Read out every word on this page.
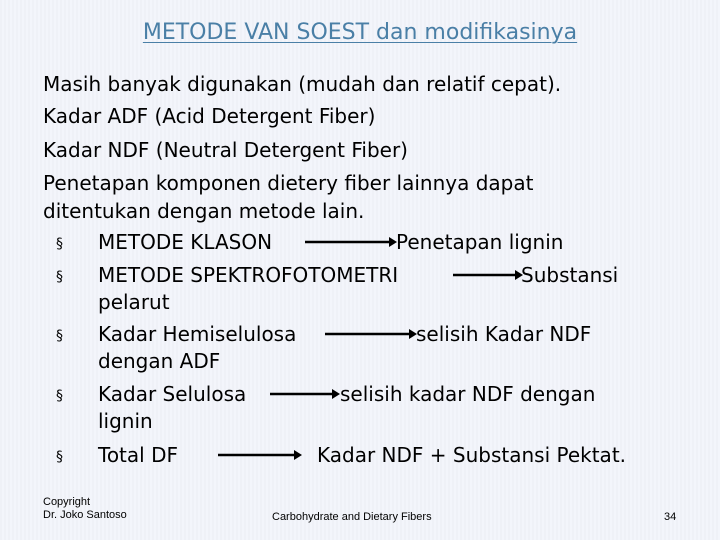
METODE VAN SOEST dan modifikasinya
Masih banyak digunakan (mudah dan relatif cepat).
Kadar ADF (Acid Detergent Fiber)
Kadar NDF (Neutral Detergent Fiber)
Penetapan komponen dietery fiber lainnya dapat
ditentukan dengan metode lain.
§ METODE KLASON	Penetapan lignin
§ METODE SPEKTROFOTOMETRI	Substansi
pelarut
§ Kadar Hemiselulosa	selisih Kadar NDF
dengan ADF
§ Kadar Selulosa	selisih kadar NDF dengan
lignin
§ Total DF	Kadar NDF + Substansi Pektat.
Copyright
Dr. Joko Santoso	Carbohydrate and Dietary Fibers	34
